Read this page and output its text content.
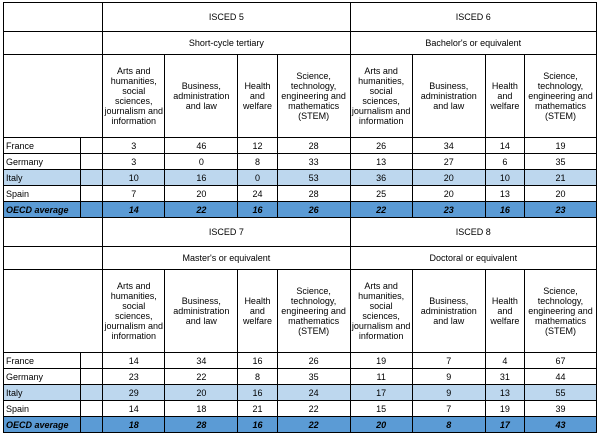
		ISCED 5				ISCED 6			
		Short-cycle tertiary				Bachelor's or equivalent			
		Arts and humanities, social sciences, journalism and information	Business, administration and law	Health and welfare	Science, technology, engineering and mathematics (STEM)	Arts and humanities, social sciences, journalism and information	Business, administration and law	Health and welfare	Science, technology, engineering and mathematics (STEM)
France		3	46	12	28	26	34	14	19
Germany		3	0	8	33	13	27	6	35
Italy		10	16	0	53	36	20	10	21
Spain		7	20	24	28	25	20	13	20
OECD average		14	22	16	26	22	23	16	23
		ISCED 7				ISCED 8			
		Master's or equivalent				Doctoral or equivalent			
		Arts and humanities, social sciences, journalism and information	Business, administration and law	Health and welfare	Science, technology, engineering and mathematics (STEM)	Arts and humanities, social sciences, journalism and information	Business, administration and law	Health and welfare	Science, technology, engineering and mathematics (STEM)
France		14	34	16	26	19	7	4	67
Germany		23	22	8	35	11	9	31	44
Italy		29	20	16	24	17	9	13	55
Spain		14	18	21	22	15	7	19	39
OECD average		18	28	16	22	20	8	17	43
